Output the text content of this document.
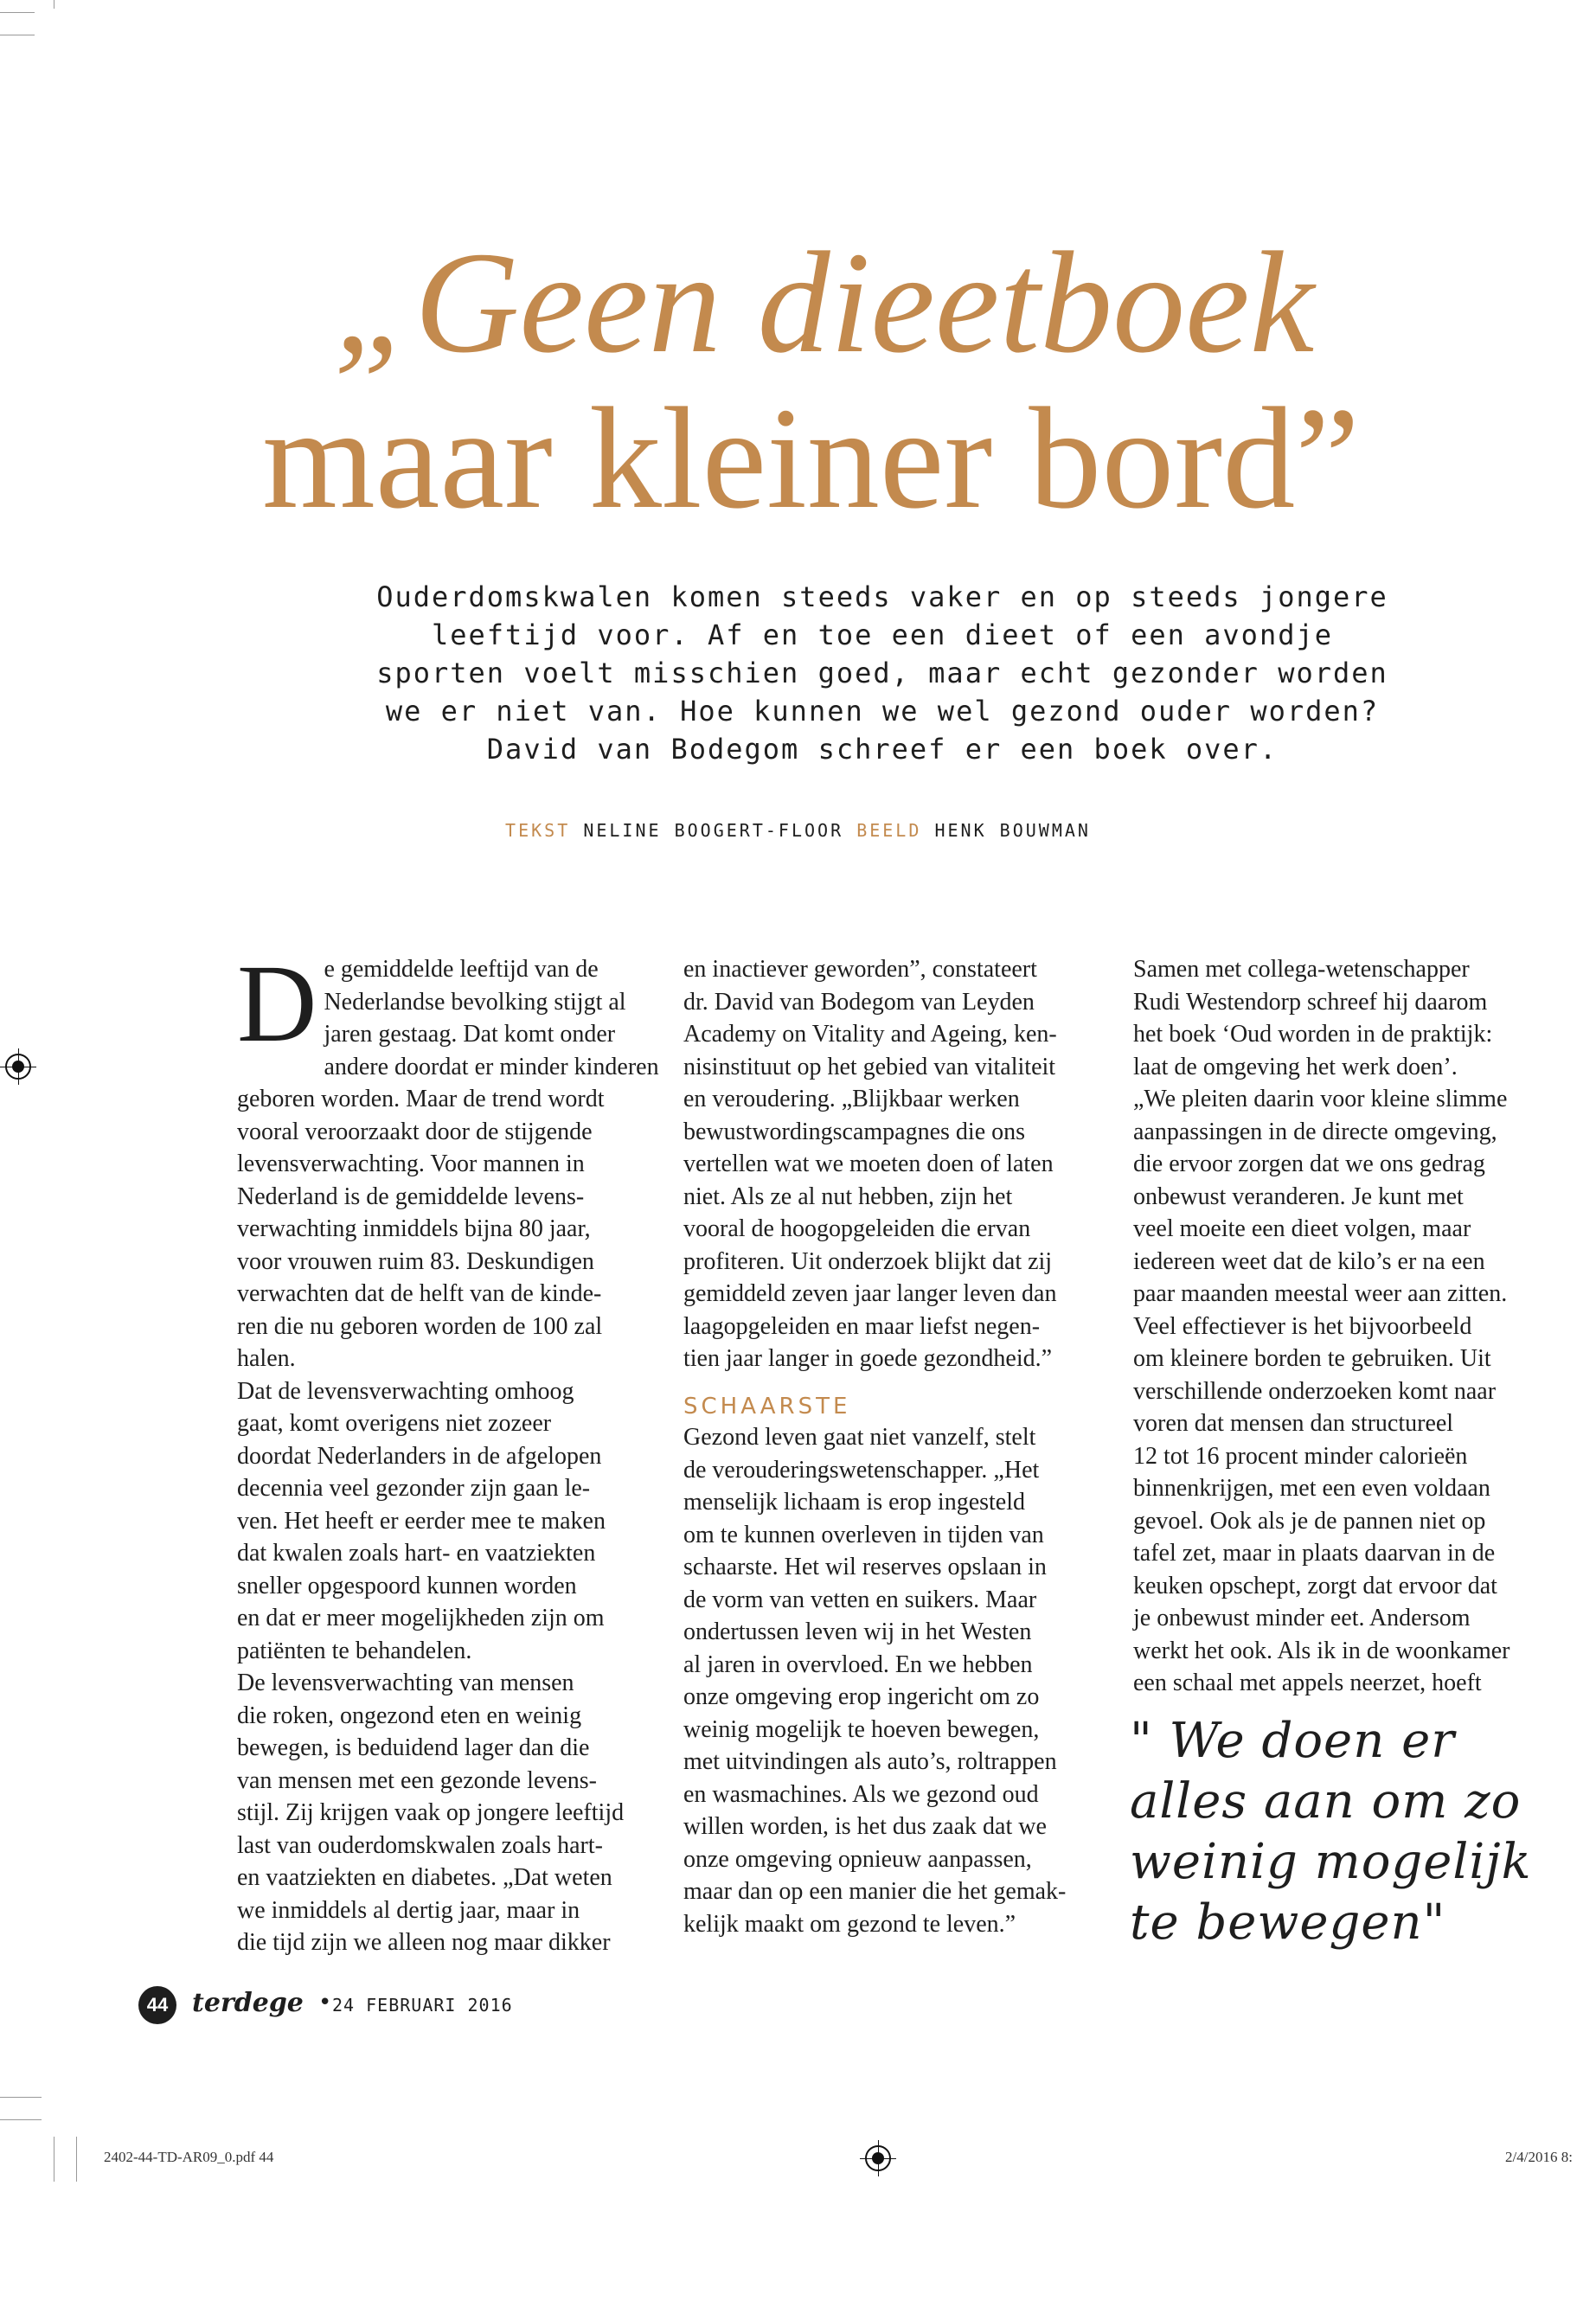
„Geen dieetboek
maar kleiner bord”
Ouderdomskwalen komen steeds vaker en op steeds jongere
leeftijd voor. Af en toe een dieet of een avondje
sporten voelt misschien goed, maar echt gezonder worden
we er niet van. Hoe kunnen we wel gezond ouder worden?
David van Bodegom schreef er een boek over.
TEKST NELINE BOOGERT-FLOOR BEELD HENK BOUWMAN
D e gemiddelde leeftijd van de
Nederlandse bevolking stijgt al
jaren gestaag. Dat komt onder
andere doordat er minder kinderen
geboren worden. Maar de trend wordt
vooral veroorzaakt door de stijgende
levensverwachting. Voor mannen in
Nederland is de gemiddelde levens-
verwachting inmiddels bijna 80 jaar,
voor vrouwen ruim 83. Deskundigen
verwachten dat de helft van de kinde-
ren die nu geboren worden de 100 zal
halen.
Dat de levensverwachting omhoog
gaat, komt overigens niet zozeer
doordat Nederlanders in de afgelopen
decennia veel gezonder zijn gaan le-
ven. Het heeft er eerder mee te maken
dat kwalen zoals hart- en vaatziekten
sneller opgespoord kunnen worden
en dat er meer mogelijkheden zijn om
patiënten te behandelen.
De levensverwachting van mensen
die roken, ongezond eten en weinig
bewegen, is beduidend lager dan die
van mensen met een gezonde levens-
stijl. Zij krijgen vaak op jongere leeftijd
last van ouderdomskwalen zoals hart-
en vaatziekten en diabetes. „Dat weten
we inmiddels al dertig jaar, maar in
die tijd zijn we alleen nog maar dikker
en inactiever geworden”, constateert
dr. David van Bodegom van Leyden
Academy on Vitality and Ageing, ken-
nisinstituut op het gebied van vitaliteit
en veroudering. „Blijkbaar werken
bewustwordingscampagnes die ons
vertellen wat we moeten doen of laten
niet. Als ze al nut hebben, zijn het
vooral de hoogopgeleiden die ervan
profiteren. Uit onderzoek blijkt dat zij
gemiddeld zeven jaar langer leven dan
laagopgeleiden en maar liefst negen-
tien jaar langer in goede gezondheid.”
SCHAARSTE
Gezond leven gaat niet vanzelf, stelt
de verouderingswetenschapper. „Het
menselijk lichaam is erop ingesteld
om te kunnen overleven in tijden van
schaarste. Het wil reserves opslaan in
de vorm van vetten en suikers. Maar
ondertussen leven wij in het Westen
al jaren in overvloed. En we hebben
onze omgeving erop ingericht om zo
weinig mogelijk te hoeven bewegen,
met uitvindingen als auto’s, roltrappen
en wasmachines. Als we gezond oud
willen worden, is het dus zaak dat we
onze omgeving opnieuw aanpassen,
maar dan op een manier die het gemak-
kelijk maakt om gezond te leven.”
Samen met collega-wetenschapper
Rudi Westendorp schreef hij daarom
het boek ‘Oud worden in de praktijk:
laat de omgeving het werk doen’.
„We pleiten daarin voor kleine slimme
aanpassingen in de directe omgeving,
die ervoor zorgen dat we ons gedrag
onbewust veranderen. Je kunt met
veel moeite een dieet volgen, maar
iedereen weet dat de kilo’s er na een
paar maanden meestal weer aan zitten.
Veel effectiever is het bijvoorbeeld
om kleinere borden te gebruiken. Uit
verschillende onderzoeken komt naar
voren dat mensen dan structureel
12 tot 16 procent minder calorieën
binnenkrijgen, met een even voldaan
gevoel. Ook als je de pannen niet op
tafel zet, maar in plaats daarvan in de
keuken opschept, zorgt dat ervoor dat
je onbewust minder eet. Andersom
werkt het ook. Als ik in de woonkamer
een schaal met appels neerzet, hoeft
" We doen er
alles aan om zo
weinig mogelijk
te bewegen"
44 terdege • 24 FEBRUARI 2016
2402-44-TD-AR09_0.pdf 44	2/4/2016 8:
